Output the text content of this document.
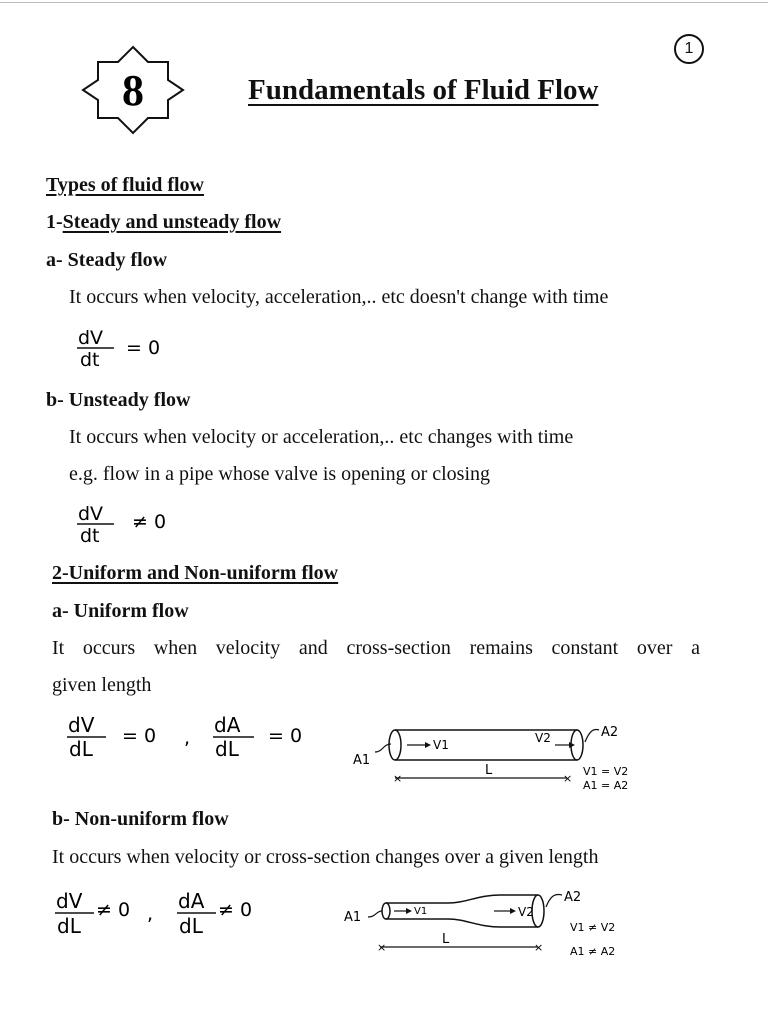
8	Fundamentals of Fluid Flow
1
Types of fluid flow
1-Steady and unsteady flow
a- Steady flow
It occurs when velocity, acceleration,.. etc doesn't change with time
dV
dt
= 0
b- Unsteady flow
It occurs when velocity or acceleration,.. etc changes with time
e.g. flow in a pipe whose valve is opening or closing
dV
dt
≠ 0
2-Uniform and Non-uniform flow
a- Uniform flow
It occurs when velocity and cross-section remains constant over a
given length
dV
dL
= 0 ,
dA
dL
= 0	V1	V2
A1
A2
×	×
L	V1 = V2
A1 = A2
b- Non-uniform flow
It occurs when velocity or cross-section changes over a given length
dV
dL
≠ 0 ,
dA
dL
≠ 0	V1	V2
A1
A2
×	×
L
V1 ≠ V2
A1 ≠ A2
